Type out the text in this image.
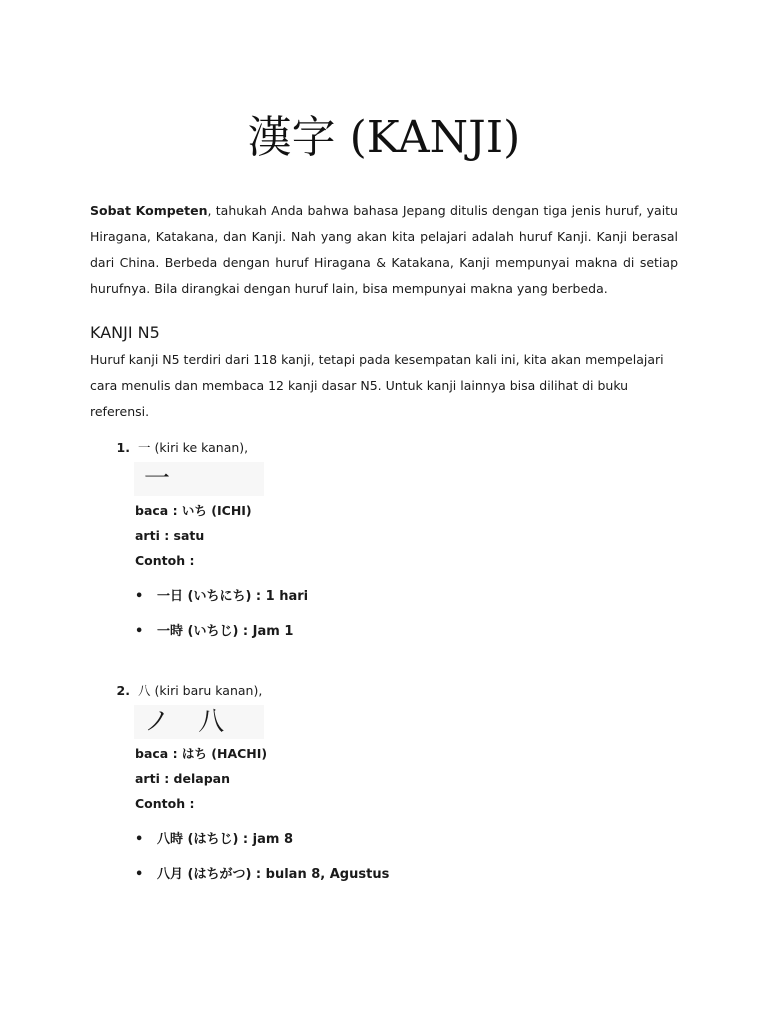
漢字 (KANJI)

Sobat Kompeten, tahukah Anda bahwa bahasa Jepang ditulis dengan tiga jenis huruf, yaitu Hiragana, Katakana, dan Kanji. Nah yang akan kita pelajari adalah huruf Kanji. Kanji berasal dari China. Berbeda dengan huruf Hiragana & Katakana, Kanji mempunyai makna di setiap hurufnya. Bila dirangkai dengan huruf lain, bisa mempunyai makna yang berbeda.

KANJI N5

Huruf kanji N5 terdiri dari 118 kanji, tetapi pada kesempatan kali ini, kita akan mempelajari cara menulis dan membaca 12 kanji dasar N5. Untuk kanji lainnya bisa dilihat di buku referensi.

1. 一 (kiri ke kanan),
一
baca : いち (ICHI)
arti : satu
Contoh :
• 一日 (いちにち) : 1 hari
• 一時 (いちじ) : Jam 1
2. 八 (kiri baru kanan),
ノ 八
baca : はち (HACHI)
arti : delapan
Contoh :
• 八時 (はちじ) : jam 8
• 八月 (はちがつ) : bulan 8, Agustus
